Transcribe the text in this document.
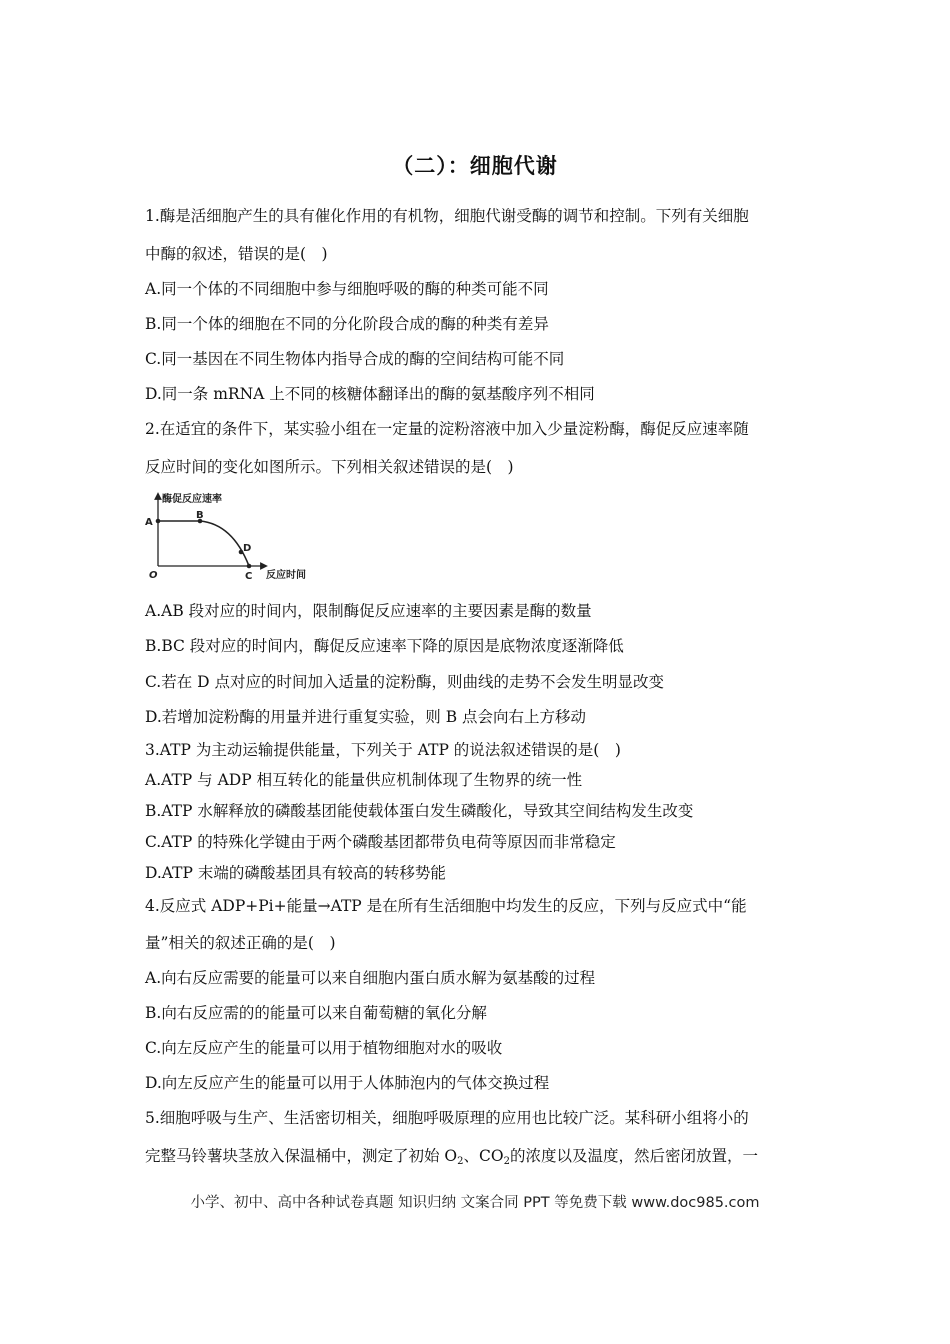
（二）：细胞代谢
1.酶是活细胞产生的具有催化作用的有机物，细胞代谢受酶的调节和控制。下列有关细胞
中酶的叙述，错误的是(　)
A.同一个体的不同细胞中参与细胞呼吸的酶的种类可能不同
B.同一个体的细胞在不同的分化阶段合成的酶的种类有差异
C.同一基因在不同生物体内指导合成的酶的空间结构可能不同
D.同一条 mRNA 上不同的核糖体翻译出的酶的氨基酸序列不相同
2.在适宜的条件下，某实验小组在一定量的淀粉溶液中加入少量淀粉酶，酶促反应速率随
反应时间的变化如图所示。下列相关叙述错误的是(　)
酶促反应速率
反应时间
O
A
B
D
C
A.AB 段对应的时间内，限制酶促反应速率的主要因素是酶的数量
B.BC 段对应的时间内，酶促反应速率下降的原因是底物浓度逐渐降低
C.若在 D 点对应的时间加入适量的淀粉酶，则曲线的走势不会发生明显改变
D.若增加淀粉酶的用量并进行重复实验，则 B 点会向右上方移动
3.ATP 为主动运输提供能量，下列关于 ATP 的说法叙述错误的是(　)
A.ATP 与 ADP 相互转化的能量供应机制体现了生物界的统一性
B.ATP 水解释放的磷酸基团能使载体蛋白发生磷酸化，导致其空间结构发生改变
C.ATP 的特殊化学键由于两个磷酸基团都带负电荷等原因而非常稳定
D.ATP 末端的磷酸基团具有较高的转移势能
4.反应式 ADP+Pi+能量→ATP 是在所有生活细胞中均发生的反应，下列与反应式中“能
量”相关的叙述正确的是(　)
A.向右反应需要的能量可以来自细胞内蛋白质水解为氨基酸的过程
B.向右反应需的的能量可以来自葡萄糖的氧化分解
C.向左反应产生的能量可以用于植物细胞对水的吸收
D.向左反应产生的能量可以用于人体肺泡内的气体交换过程
5.细胞呼吸与生产、生活密切相关，细胞呼吸原理的应用也比较广泛。某科研小组将小的
完整马铃薯块茎放入保温桶中，测定了初始 $O_2$、$CO_2$的浓度以及温度，然后密闭放置，一
小学、初中、高中各种试卷真题 知识归纳 文案合同 PPT 等免费下载 www.doc985.com
